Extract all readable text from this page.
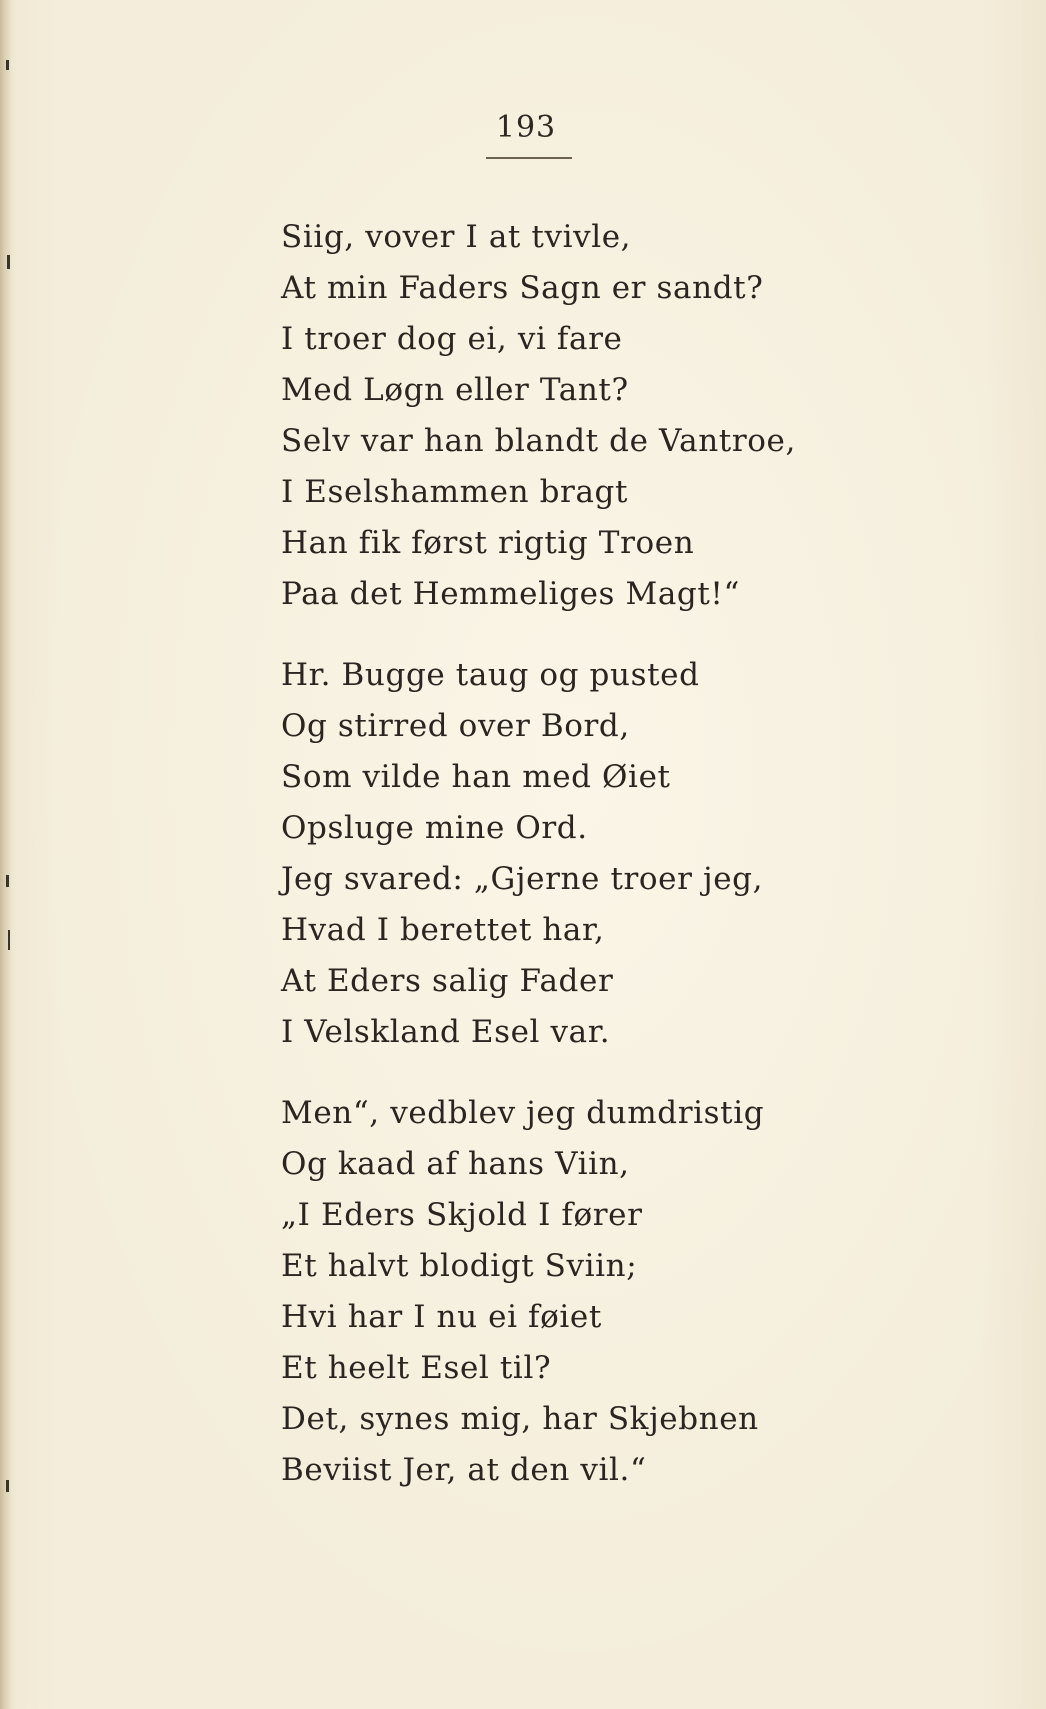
193
Siig, vover I at tvivle,
At min Faders Sagn er sandt?
I troer dog ei, vi fare
Med Løgn eller Tant?
Selv var han blandt de Vantroe,
I Eselshammen bragt
Han fik først rigtig Troen
Paa det Hemmeliges Magt!“
Hr. Bugge taug og pusted
Og stirred over Bord,
Som vilde han med Øiet
Opsluge mine Ord.
Jeg svared: „Gjerne troer jeg,
Hvad I berettet har,
At Eders salig Fader
I Velskland Esel var.
Men“, vedblev jeg dumdristig
Og kaad af hans Viin,
„I Eders Skjold I fører
Et halvt blodigt Sviin;
Hvi har I nu ei føiet
Et heelt Esel til?
Det, synes mig, har Skjebnen
Beviist Jer, at den vil.“
